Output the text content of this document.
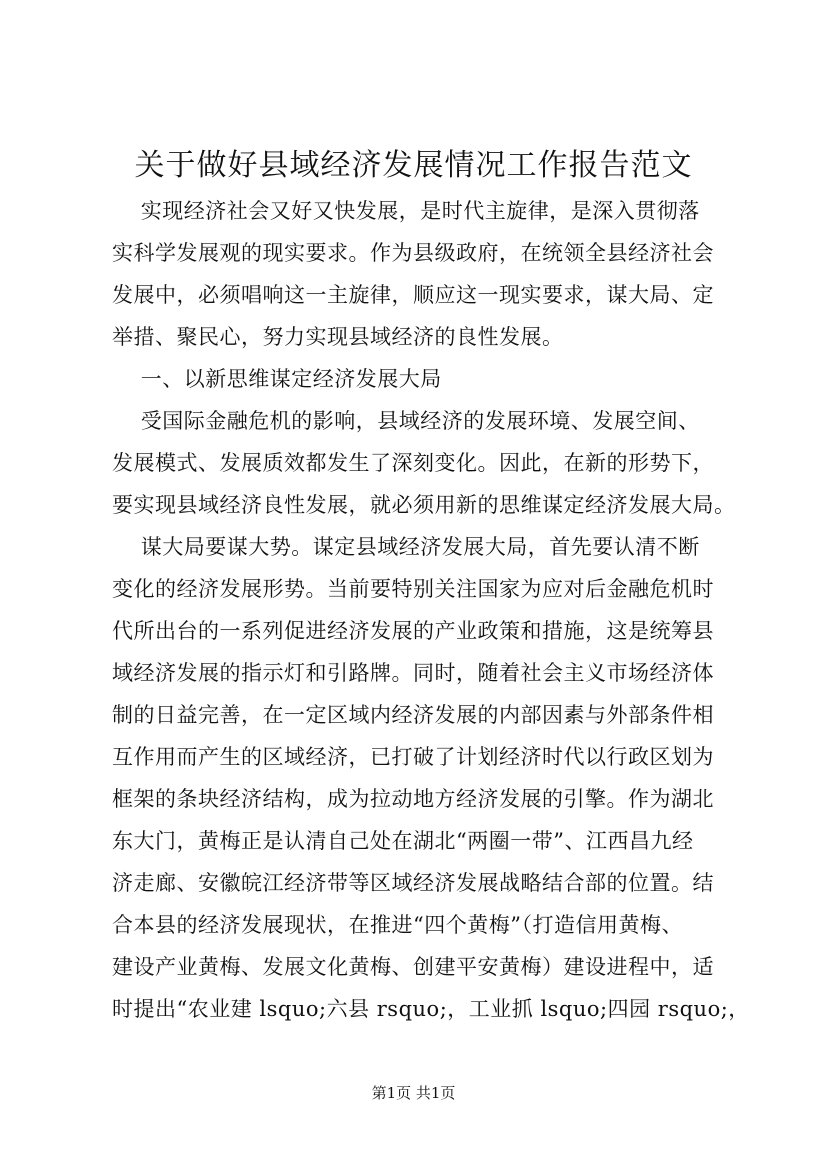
关于做好县域经济发展情况工作报告范文
实现经济社会又好又快发展，是时代主旋律，是深入贯彻落
实科学发展观的现实要求。作为县级政府，在统领全县经济社会
发展中，必须唱响这一主旋律，顺应这一现实要求，谋大局、定
举措、聚民心，努力实现县域经济的良性发展。
一、以新思维谋定经济发展大局
受国际金融危机的影响，县域经济的发展环境、发展空间、
发展模式、发展质效都发生了深刻变化。因此，在新的形势下，
要实现县域经济良性发展，就必须用新的思维谋定经济发展大局。
谋大局要谋大势。谋定县域经济发展大局，首先要认清不断
变化的经济发展形势。当前要特别关注国家为应对后金融危机时
代所出台的一系列促进经济发展的产业政策和措施，这是统筹县
域经济发展的指示灯和引路牌。同时，随着社会主义市场经济体
制的日益完善，在一定区域内经济发展的内部因素与外部条件相
互作用而产生的区域经济，已打破了计划经济时代以行政区划为
框架的条块经济结构，成为拉动地方经济发展的引擎。作为湖北
东大门，黄梅正是认清自己处在湖北“两圈一带”、江西昌九经
济走廊、安徽皖江经济带等区域经济发展战略结合部的位置。结
合本县的经济发展现状，在推进“四个黄梅”（打造信用黄梅、
建设产业黄梅、发展文化黄梅、创建平安黄梅）建设进程中，适
时提出“农业建 lsquo;六县 rsquo;，工业抓 lsquo;四园 rsquo;，
第1页 共1页
